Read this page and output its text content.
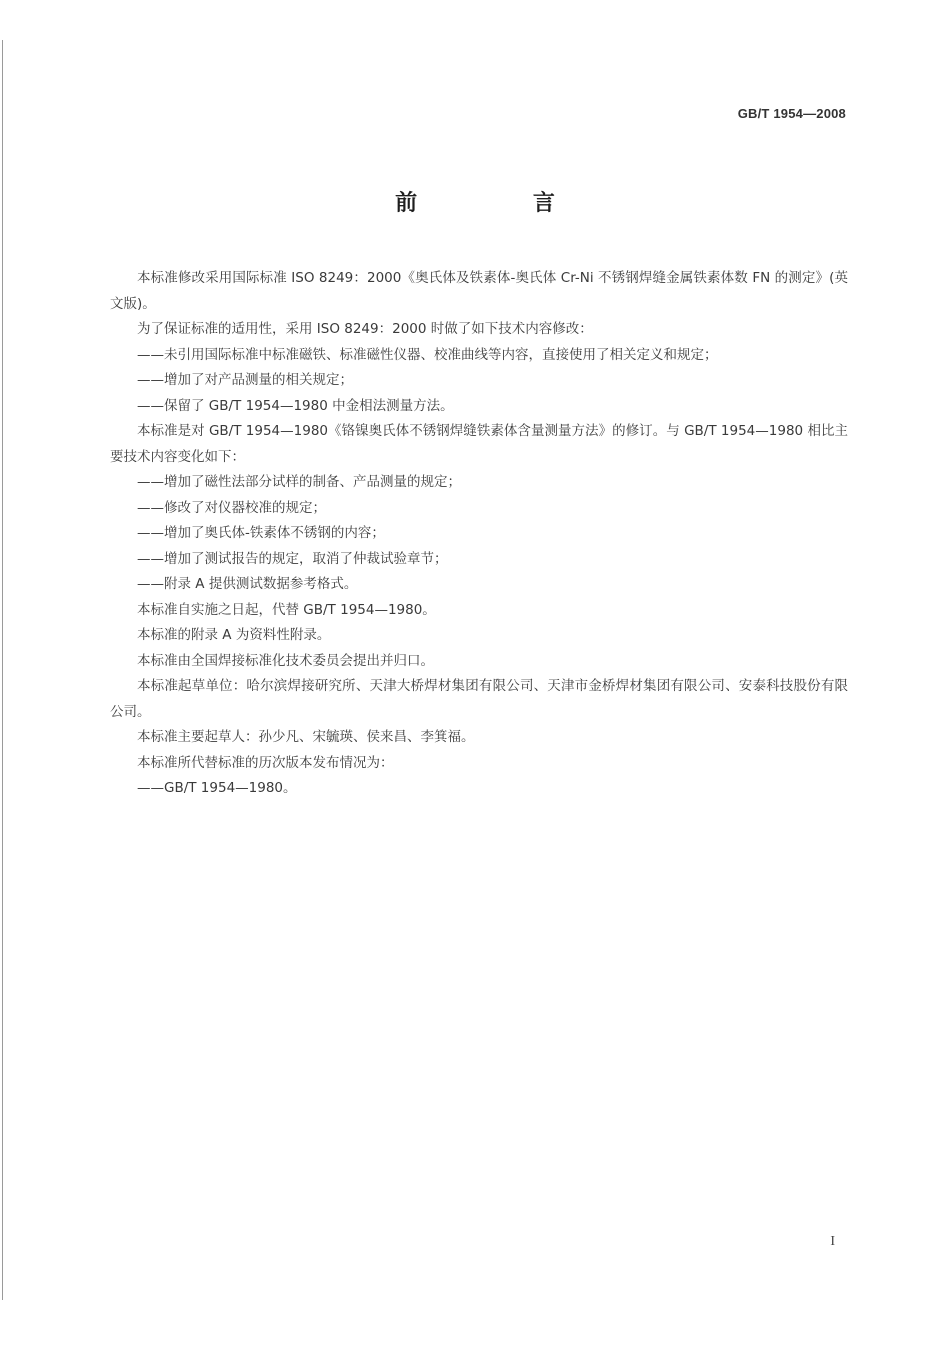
GB/T 1954—2008
前 言

本标准修改采用国际标准 ISO 8249：2000《奥氏体及铁素体-奥氏体 Cr-Ni 不锈钢焊缝金属铁素体数 FN 的测定》(英文版)。

为了保证标准的适用性，采用 ISO 8249：2000 时做了如下技术内容修改：

——未引用国际标准中标准磁铁、标准磁性仪器、校准曲线等内容，直接使用了相关定义和规定；

——增加了对产品测量的相关规定；

——保留了 GB/T 1954—1980 中金相法测量方法。

本标准是对 GB/T 1954—1980《铬镍奥氏体不锈钢焊缝铁素体含量测量方法》的修订。与 GB/T 1954—1980 相比主要技术内容变化如下：

——增加了磁性法部分试样的制备、产品测量的规定；

——修改了对仪器校准的规定；

——增加了奥氏体-铁素体不锈钢的内容；

——增加了测试报告的规定，取消了仲裁试验章节；

——附录 A 提供测试数据参考格式。

本标准自实施之日起，代替 GB/T 1954—1980。

本标准的附录 A 为资料性附录。

本标准由全国焊接标准化技术委员会提出并归口。

本标准起草单位：哈尔滨焊接研究所、天津大桥焊材集团有限公司、天津市金桥焊材集团有限公司、安泰科技股份有限公司。

本标准主要起草人：孙少凡、宋毓瑛、侯来昌、李箕福。

本标准所代替标准的历次版本发布情况为：

——GB/T 1954—1980。

I
